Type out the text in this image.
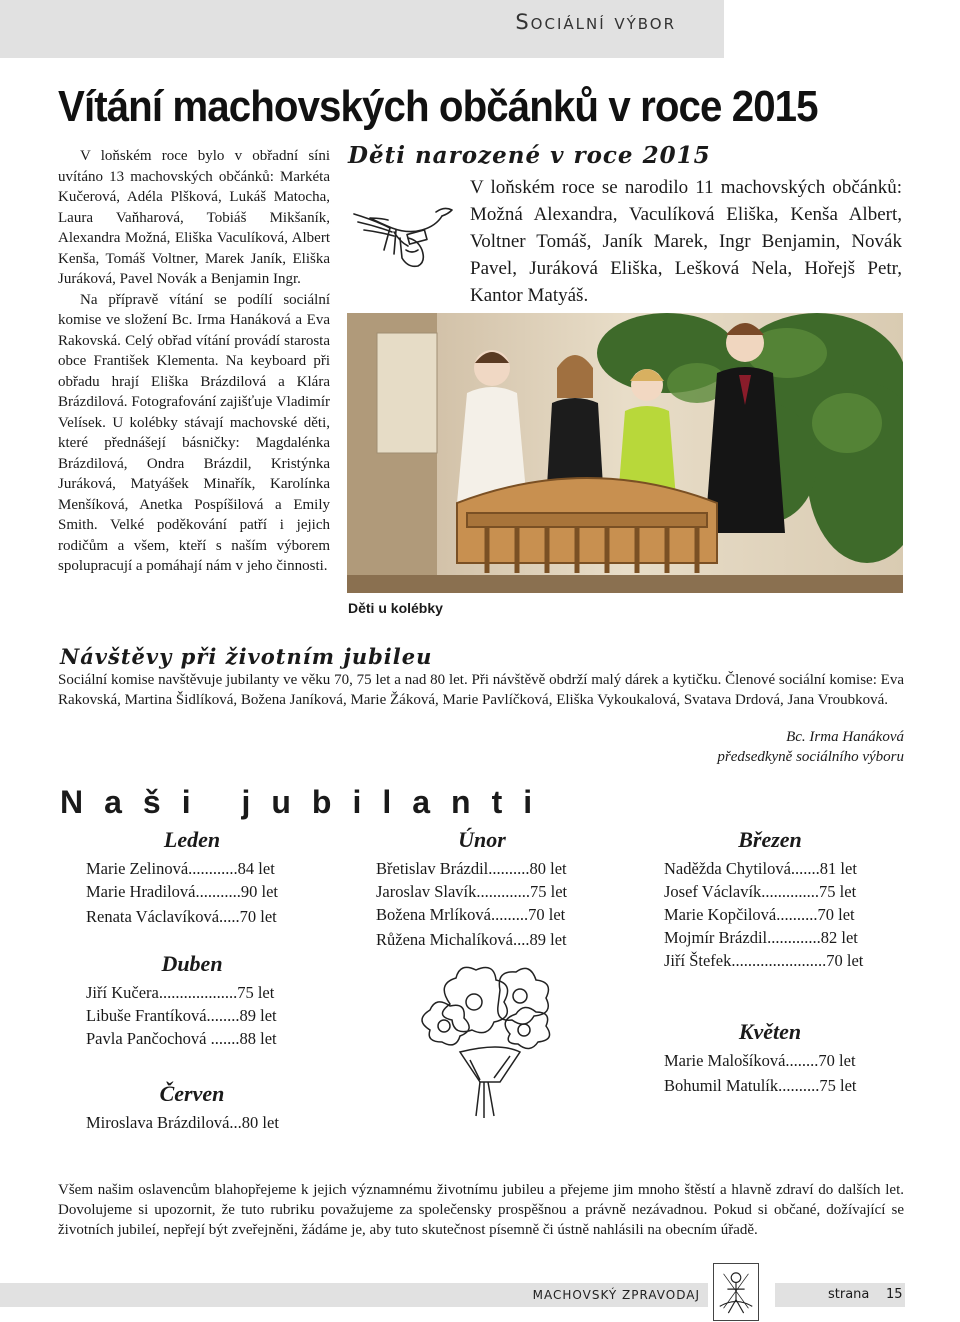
Sociální výbor
Vítání machovských občánků v roce 2015

V loňském roce bylo v obřadní síni uvítáno 13 machovských občánků: Markéta Kučerová, Adéla Plšková, Lukáš Matocha, Laura Vaňharová, Tobiáš Mikšaník, Alexandra Možná, Eliška Vaculíková, Albert Kenša, Tomáš Voltner, Marek Janík, Eliška Juráková, Pavel Novák a Benjamin Ingr.

Na přípravě vítání se podílí sociální komise ve složení Bc. Irma Hanáková a Eva Rakovská. Celý obřad vítání provádí starosta obce František Klementa. Na keyboard při obřadu hrají Eliška Brázdilová a Klára Brázdilová. Fotografování zajišťuje Vladimír Velísek. U kolébky stávají machovské děti, které přednášejí básničky: Magdalénka Brázdilová, Ondra Brázdil, Kristýnka Juráková, Matyášek Minařík, Karolínka Menšíková, Anetka Pospíšilová a Emily Smith. Velké poděkování patří i jejich rodičům a všem, kteří s naším výborem spolupracují a pomáhají nám v jeho činnosti.

Děti narozené v roce 2015
V loňském roce se narodilo 11 machovských občánků: Možná Alexandra, Vaculíková Eliška, Kenša Albert, Voltner Tomáš, Janík Marek, Ingr Benjamin, Novák Pavel, Juráková Eliška, Lešková Nela, Hořejš Petr, Kantor Matyáš.
Děti u kolébky
Návštěvy při životním jubileu
Sociální komise navštěvuje jubilanty ve věku 70, 75 let a nad 80 let. Při návštěvě obdrží malý dárek a kytičku. Členové sociální komise: Eva Rakovská, Martina Šidlíková, Božena Janíková, Marie Žáková, Marie Pavlíčková, Eliška Vykoukalová, Svatava Drdová, Jana Vroubková.
Bc. Irma Hanáková
předsedkyně sociálního výboru
Naši jubilanti
Leden
Marie Zelinová............84 let
Marie Hradilová...........90 let
Renata Václavíková.....70 let
Duben
Jiří Kučera...................75 let
Libuše Frantíková........89 let
Pavla Pančochová .......88 let
Červen
Miroslava Brázdilová...80 let
Únor
Břetislav Brázdil..........80 let
Jaroslav Slavík.............75 let
Božena Mrlíková.........70 let
Růžena Michalíková....89 let
Březen
Naděžda Chytilová.......81 let
Josef Václavík..............75 let
Marie Kopčilová..........70 let
Mojmír Brázdil.............82 let
Jiří Štefek.......................70 let
Květen
Marie Malošíková........70 let
Bohumil Matulík..........75 let
Všem našim oslavencům blahopřejeme k jejich významnému životnímu jubileu a přejeme jim mnoho štěstí a hlavně zdraví do dalších let. Dovolujeme si upozornit, že tuto rubriku považujeme za společensky prospěšnou a právně nezávadnou. Pokud si občané, dožívající se životních jubileí, nepřejí být zveřejněni, žádáme je, aby tuto skutečnost písemně či ústně nahlásili na obecním úřadě.
MACHOVSKÝ ZPRAVODAJ	strana 15
